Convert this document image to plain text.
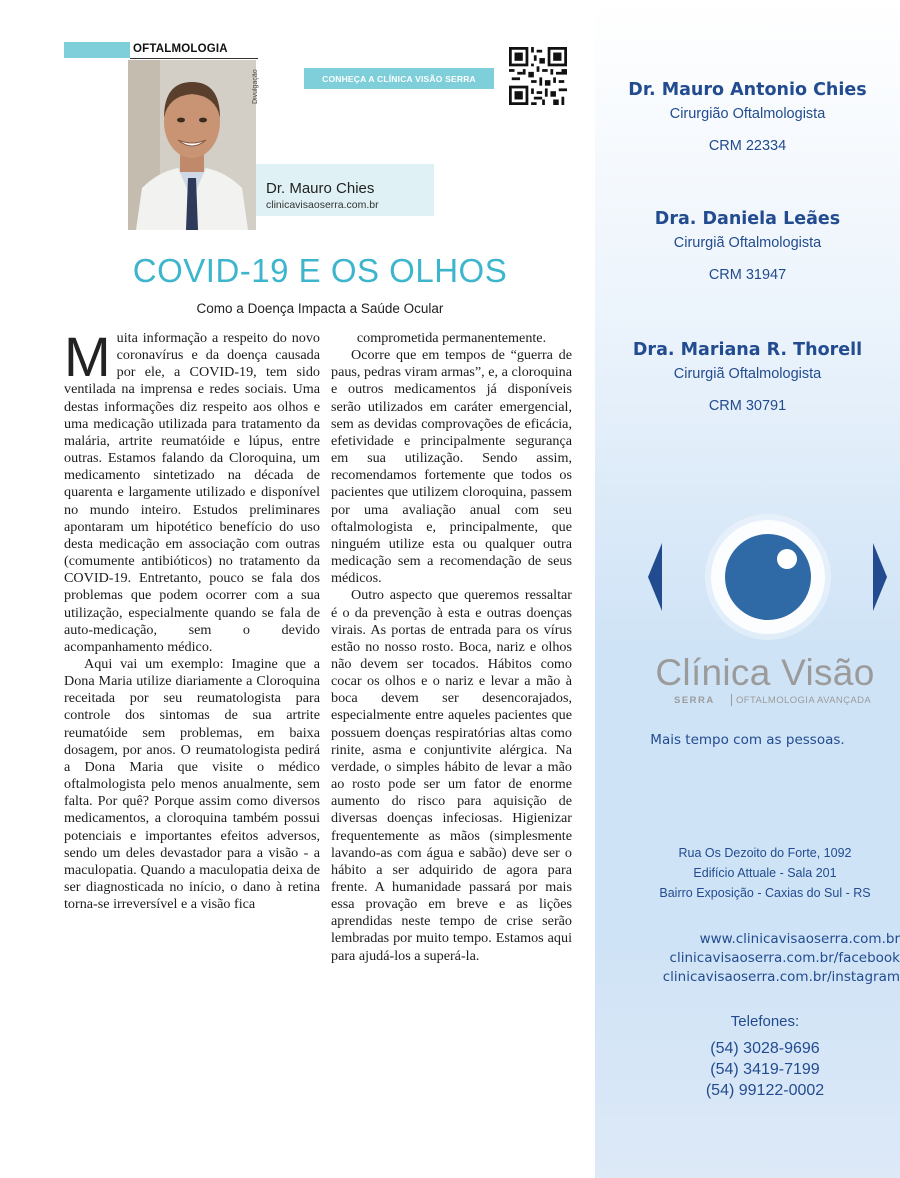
OFTALMOLOGIA
Divulgação	CONHEÇA A CLÍNICA VISÃO SERRA
Dr. Mauro Chies
clinicavisaoserra.com.br
COVID-19 E OS OLHOS
Como a Doença Impacta a Saúde Ocular

Muita informação a respeito do novo coronavírus e da doença causada por ele, a COVID-19, tem sido ventilada na imprensa e redes sociais. Uma destas informações diz respeito aos olhos e uma medicação utilizada para tratamento da malária, artrite reumatóide e lúpus, entre outras. Estamos falando da Cloroquina, um medicamento sintetizado na década de quarenta e largamente utilizado e disponível no mundo inteiro. Estudos preliminares apontaram um hipotético benefício do uso desta medicação em associação com outras (comumente antibióticos) no tratamento da COVID-19. Entretanto, pouco se fala dos problemas que podem ocorrer com a sua utilização, especialmente quando se fala de auto-medicação, sem o devido acompanhamento médico.

Aqui vai um exemplo: Imagine que a Dona Maria utilize diariamente a Cloroquina receitada por seu reumatologista para controle dos sintomas de sua artrite reumatóide sem problemas, em baixa dosagem, por anos. O reumatologista pedirá a Dona Maria que visite o médico oftalmologista pelo menos anualmente, sem falta. Por quê? Porque assim como diversos medicamentos, a cloroquina também possui potenciais e importantes efeitos adversos, sendo um deles devastador para a visão - a maculopatia. Quando a maculopatia deixa de ser diagnosticada no início, o dano à retina torna-se irreversível e a visão fica

comprometida permanentemente.

Ocorre que em tempos de “guerra de paus, pedras viram armas”, e, a cloroquina e outros medicamentos já disponíveis serão utilizados em caráter emergencial, sem as devidas comprovações de eficácia, efetividade e principalmente segurança em sua utilização. Sendo assim, recomendamos fortemente que todos os pacientes que utilizem cloroquina, passem por uma avaliação anual com seu oftalmologista e, principalmente, que ninguém utilize esta ou qualquer outra medicação sem a recomendação de seus médicos.

Outro aspecto que queremos ressaltar é o da prevenção à esta e outras doenças virais. As portas de entrada para os vírus estão no nosso rosto. Boca, nariz e olhos não devem ser tocados. Hábitos como cocar os olhos e o nariz e levar a mão à boca devem ser desencorajados, especialmente entre aqueles pacientes que possuem doenças respiratórias altas como rinite, asma e conjuntivite alérgica. Na verdade, o simples hábito de levar a mão ao rosto pode ser um fator de enorme aumento do risco para aquisição de diversas doenças infeciosas. Higienizar frequentemente as mãos (simplesmente lavando-as com água e sabão) deve ser o hábito a ser adquirido de agora para frente. A humanidade passará por mais essa provação em breve e as lições aprendidas neste tempo de crise serão lembradas por muito tempo. Estamos aqui para ajudá-los a superá-la.

Dr. Mauro Antonio Chies
Cirurgião Oftalmologista
CRM 22334
Dra. Daniela Leães
Cirurgiã Oftalmologista
CRM 31947
Dra. Mariana R. Thorell
Cirurgiã Oftalmologista
CRM 30791
Clínica Visão
SERRA OFTALMOLOGIA AVANÇADA
Mais tempo com as pessoas.
Rua Os Dezoito do Forte, 1092
Edifício Attuale - Sala 201
Bairro Exposição - Caxias do Sul - RS
www.clinicavisaoserra.com.br
clinicavisaoserra.com.br/facebook
clinicavisaoserra.com.br/instagram
Telefones:
(54) 3028-9696
(54) 3419-7199
(54) 99122-0002
